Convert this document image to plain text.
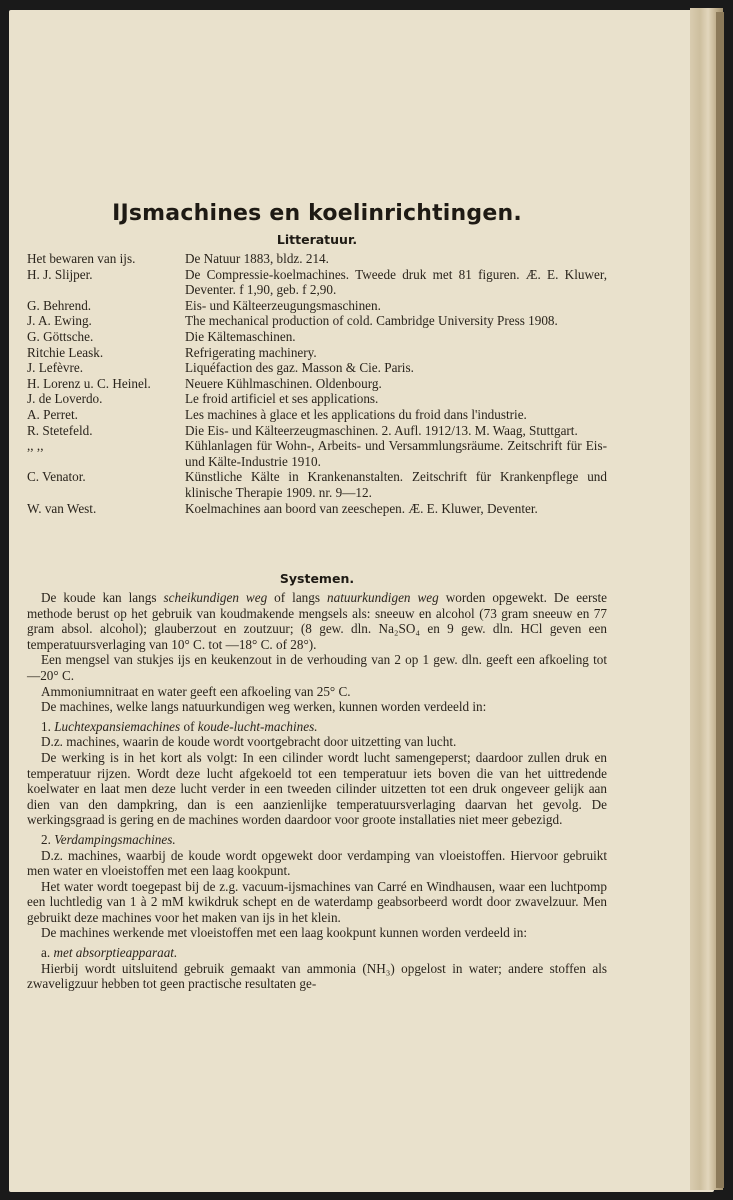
IJsmachines en koelinrichtingen.
Litteratuur.
Het bewaren van ijs.	De Natuur 1883, bldz. 214.
H. J. Slijper.	De Compressie-koelmachines. Tweede druk met 81 figuren. Æ. E. Kluwer, Deventer. f 1,90, geb. f 2,90.
G. Behrend.	Eis- und Kälteerzeugungsmaschinen.
J. A. Ewing.	The mechanical production of cold. Cambridge University Press 1908.
G. Göttsche.	Die Kältemaschinen.
Ritchie Leask.	Refrigerating machinery.
J. Lefèvre.	Liquéfaction des gaz. Masson & Cie. Paris.
H. Lorenz u. C. Heinel.	Neuere Kühlmaschinen. Oldenbourg.
J. de Loverdo.	Le froid artificiel et ses applications.
A. Perret.	Les machines à glace et les applications du froid dans l'industrie.
R. Stetefeld.	Die Eis- und Kälteerzeugmaschinen. 2. Aufl. 1912/13. M. Waag, Stuttgart.
,, ,,	Kühlanlagen für Wohn-, Arbeits- und Versammlungsräume. Zeitschrift für Eis- und Kälte-Industrie 1910.
C. Venator.	Künstliche Kälte in Krankenanstalten. Zeitschrift für Krankenpflege und klinische Therapie 1909. nr. 9—12.
W. van West.	Koelmachines aan boord van zeeschepen. Æ. E. Kluwer, Deventer.
Systemen.

De koude kan langs scheikundigen weg of langs natuurkundigen weg worden opgewekt. De eerste methode berust op het gebruik van koudmakende mengsels als: sneeuw en alcohol (73 gram sneeuw en 77 gram absol. alcohol); glauberzout en zoutzuur; (8 gew. dln. Na₂SO₄ en 9 gew. dln. HCl geven een temperatuursverlaging van 10° C. tot —18° C. of 28°).

Een mengsel van stukjes ijs en keukenzout in de verhouding van 2 op 1 gew. dln. geeft een afkoeling tot —20° C.

Ammoniumnitraat en water geeft een afkoeling van 25° C.

De machines, welke langs natuurkundigen weg werken, kunnen worden verdeeld in:

1. Luchtexpansiemachines of koude-lucht-machines.

D.z. machines, waarin de koude wordt voortgebracht door uitzetting van lucht.

De werking is in het kort als volgt: In een cilinder wordt lucht samengeperst; daardoor zullen druk en temperatuur rijzen. Wordt deze lucht afgekoeld tot een temperatuur iets boven die van het uittredende koelwater en laat men deze lucht verder in een tweeden cilinder uitzetten tot een druk ongeveer gelijk aan dien van den dampkring, dan is een aanzienlijke temperatuursverlaging daarvan het gevolg. De werkingsgraad is gering en de machines worden daardoor voor groote installaties niet meer gebezigd.

2. Verdampingsmachines.

D.z. machines, waarbij de koude wordt opgewekt door verdamping van vloeistoffen. Hiervoor gebruikt men water en vloeistoffen met een laag kookpunt.

Het water wordt toegepast bij de z.g. vacuum-ijsmachines van Carré en Windhausen, waar een luchtpomp een luchtledig van 1 à 2 mM kwikdruk schept en de waterdamp geabsorbeerd wordt door zwavelzuur. Men gebruikt deze machines voor het maken van ijs in het klein.

De machines werkende met vloeistoffen met een laag kookpunt kunnen worden verdeeld in:

a. met absorptieapparaat.

Hierbij wordt uitsluitend gebruik gemaakt van ammonia (NH₃) opgelost in water; andere stoffen als zwaveligzuur hebben tot geen practische resultaten ge-
